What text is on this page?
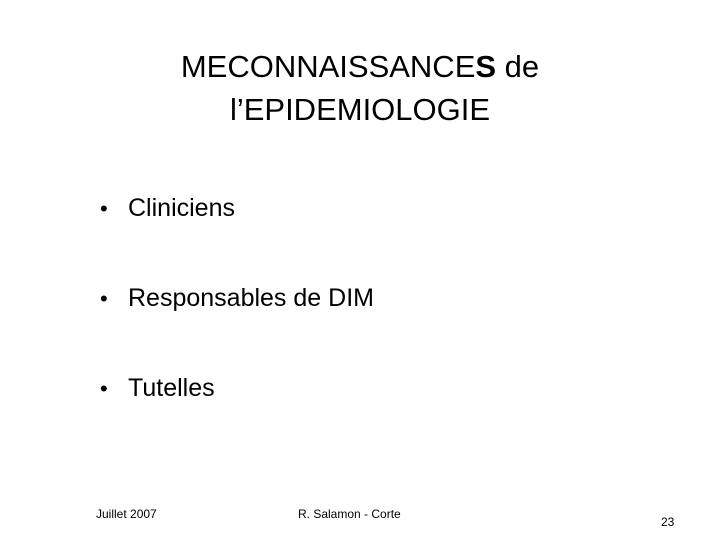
MECONNAISSANCES de
l’EPIDEMIOLOGIE
• Cliniciens
• Responsables de DIM
• Tutelles
Juillet 2007	R. Salamon - Corte
23
